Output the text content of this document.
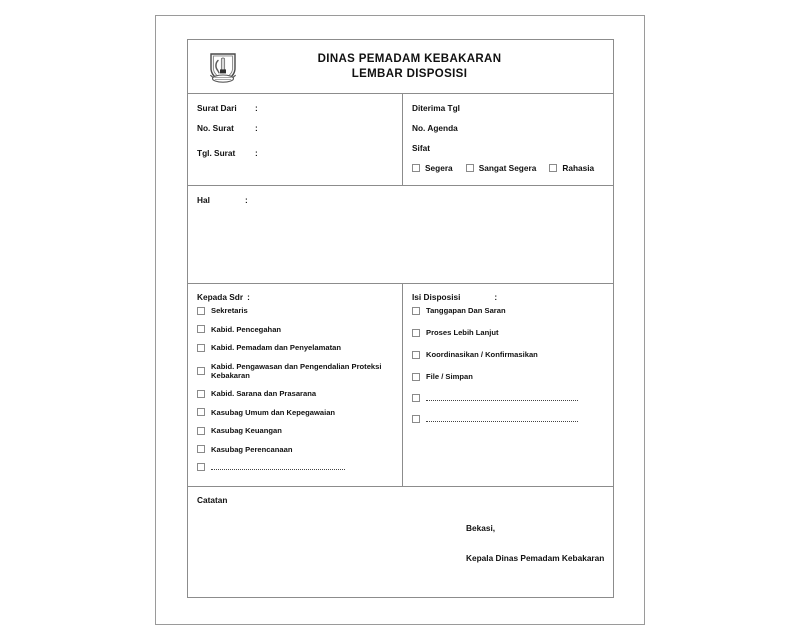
DINAS PEMADAM KEBAKARAN
LEMBAR DISPOSISI
Surat Dari	:
No. Surat	:
Tgl. Surat	:
Diterima Tgl
No. Agenda
Sifat
Segera	Sangat Segera	Rahasia
Hal	:
Kepada Sdr :
Sekretaris
Kabid. Pencegahan
Kabid. Pemadam dan Penyelamatan
Kabid. Pengawasan dan Pengendalian Proteksi Kebakaran
Kabid. Sarana dan Prasarana
Kasubag Umum dan Kepegawaian
Kasubag Keuangan
Kasubag Perencanaan
Isi Disposisi	:
Tanggapan Dan Saran
Proses Lebih Lanjut
Koordinasikan / Konfirmasikan
File / Simpan
Catatan
Bekasi,
Kepala Dinas Pemadam Kebakaran
